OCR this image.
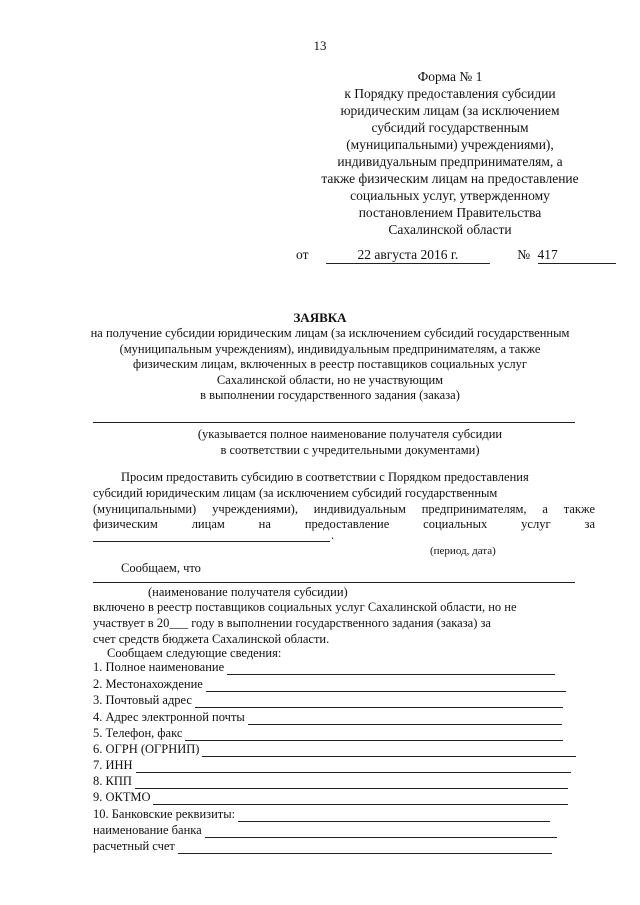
13
Форма № 1
к Порядку предоставления субсидии
юридическим лицам (за исключением
субсидий государственным
(муниципальными) учреждениями),
индивидуальным предпринимателям, а
также физическим лицам на предоставление
социальных услуг, утвержденному
постановлением Правительства
Сахалинской области
от	22 августа 2016 г.	№ 417
ЗАЯВКА
на получение субсидии юридическим лицам (за исключением субсидий государственным
(муниципальным учреждениям), индивидуальным предпринимателям, а также
физическим лицам, включенных в реестр поставщиков социальных услуг
Сахалинской области, но не участвующим
в выполнении государственного задания (заказа)
(указывается полное наименование получателя субсидии
в соответствии с учредительными документами)
Просим предоставить субсидию в соответствии с Порядком предоставления
субсидий юридическим лицам (за исключением субсидий государственным
(муниципальными) учреждениями), индивидуальным предпринимателям, а также
физическим лицам на предоставление социальных услуг за
.
(период, дата)
Сообщаем, что
(наименование получателя субсидии)
включено в реестр поставщиков социальных услуг Сахалинской области, но не
участвует в 20___ году в выполнении государственного задания (заказа) за
счет средств бюджета Сахалинской области.
Сообщаем следующие сведения:
1. Полное наименование
2. Местонахождение
3. Почтовый адрес
4. Адрес электронной почты
5. Телефон, факс
6. ОГРН (ОГРНИП)
7. ИНН
8. КПП
9. ОКТМО
10. Банковские реквизиты:
наименование банка
расчетный счет
